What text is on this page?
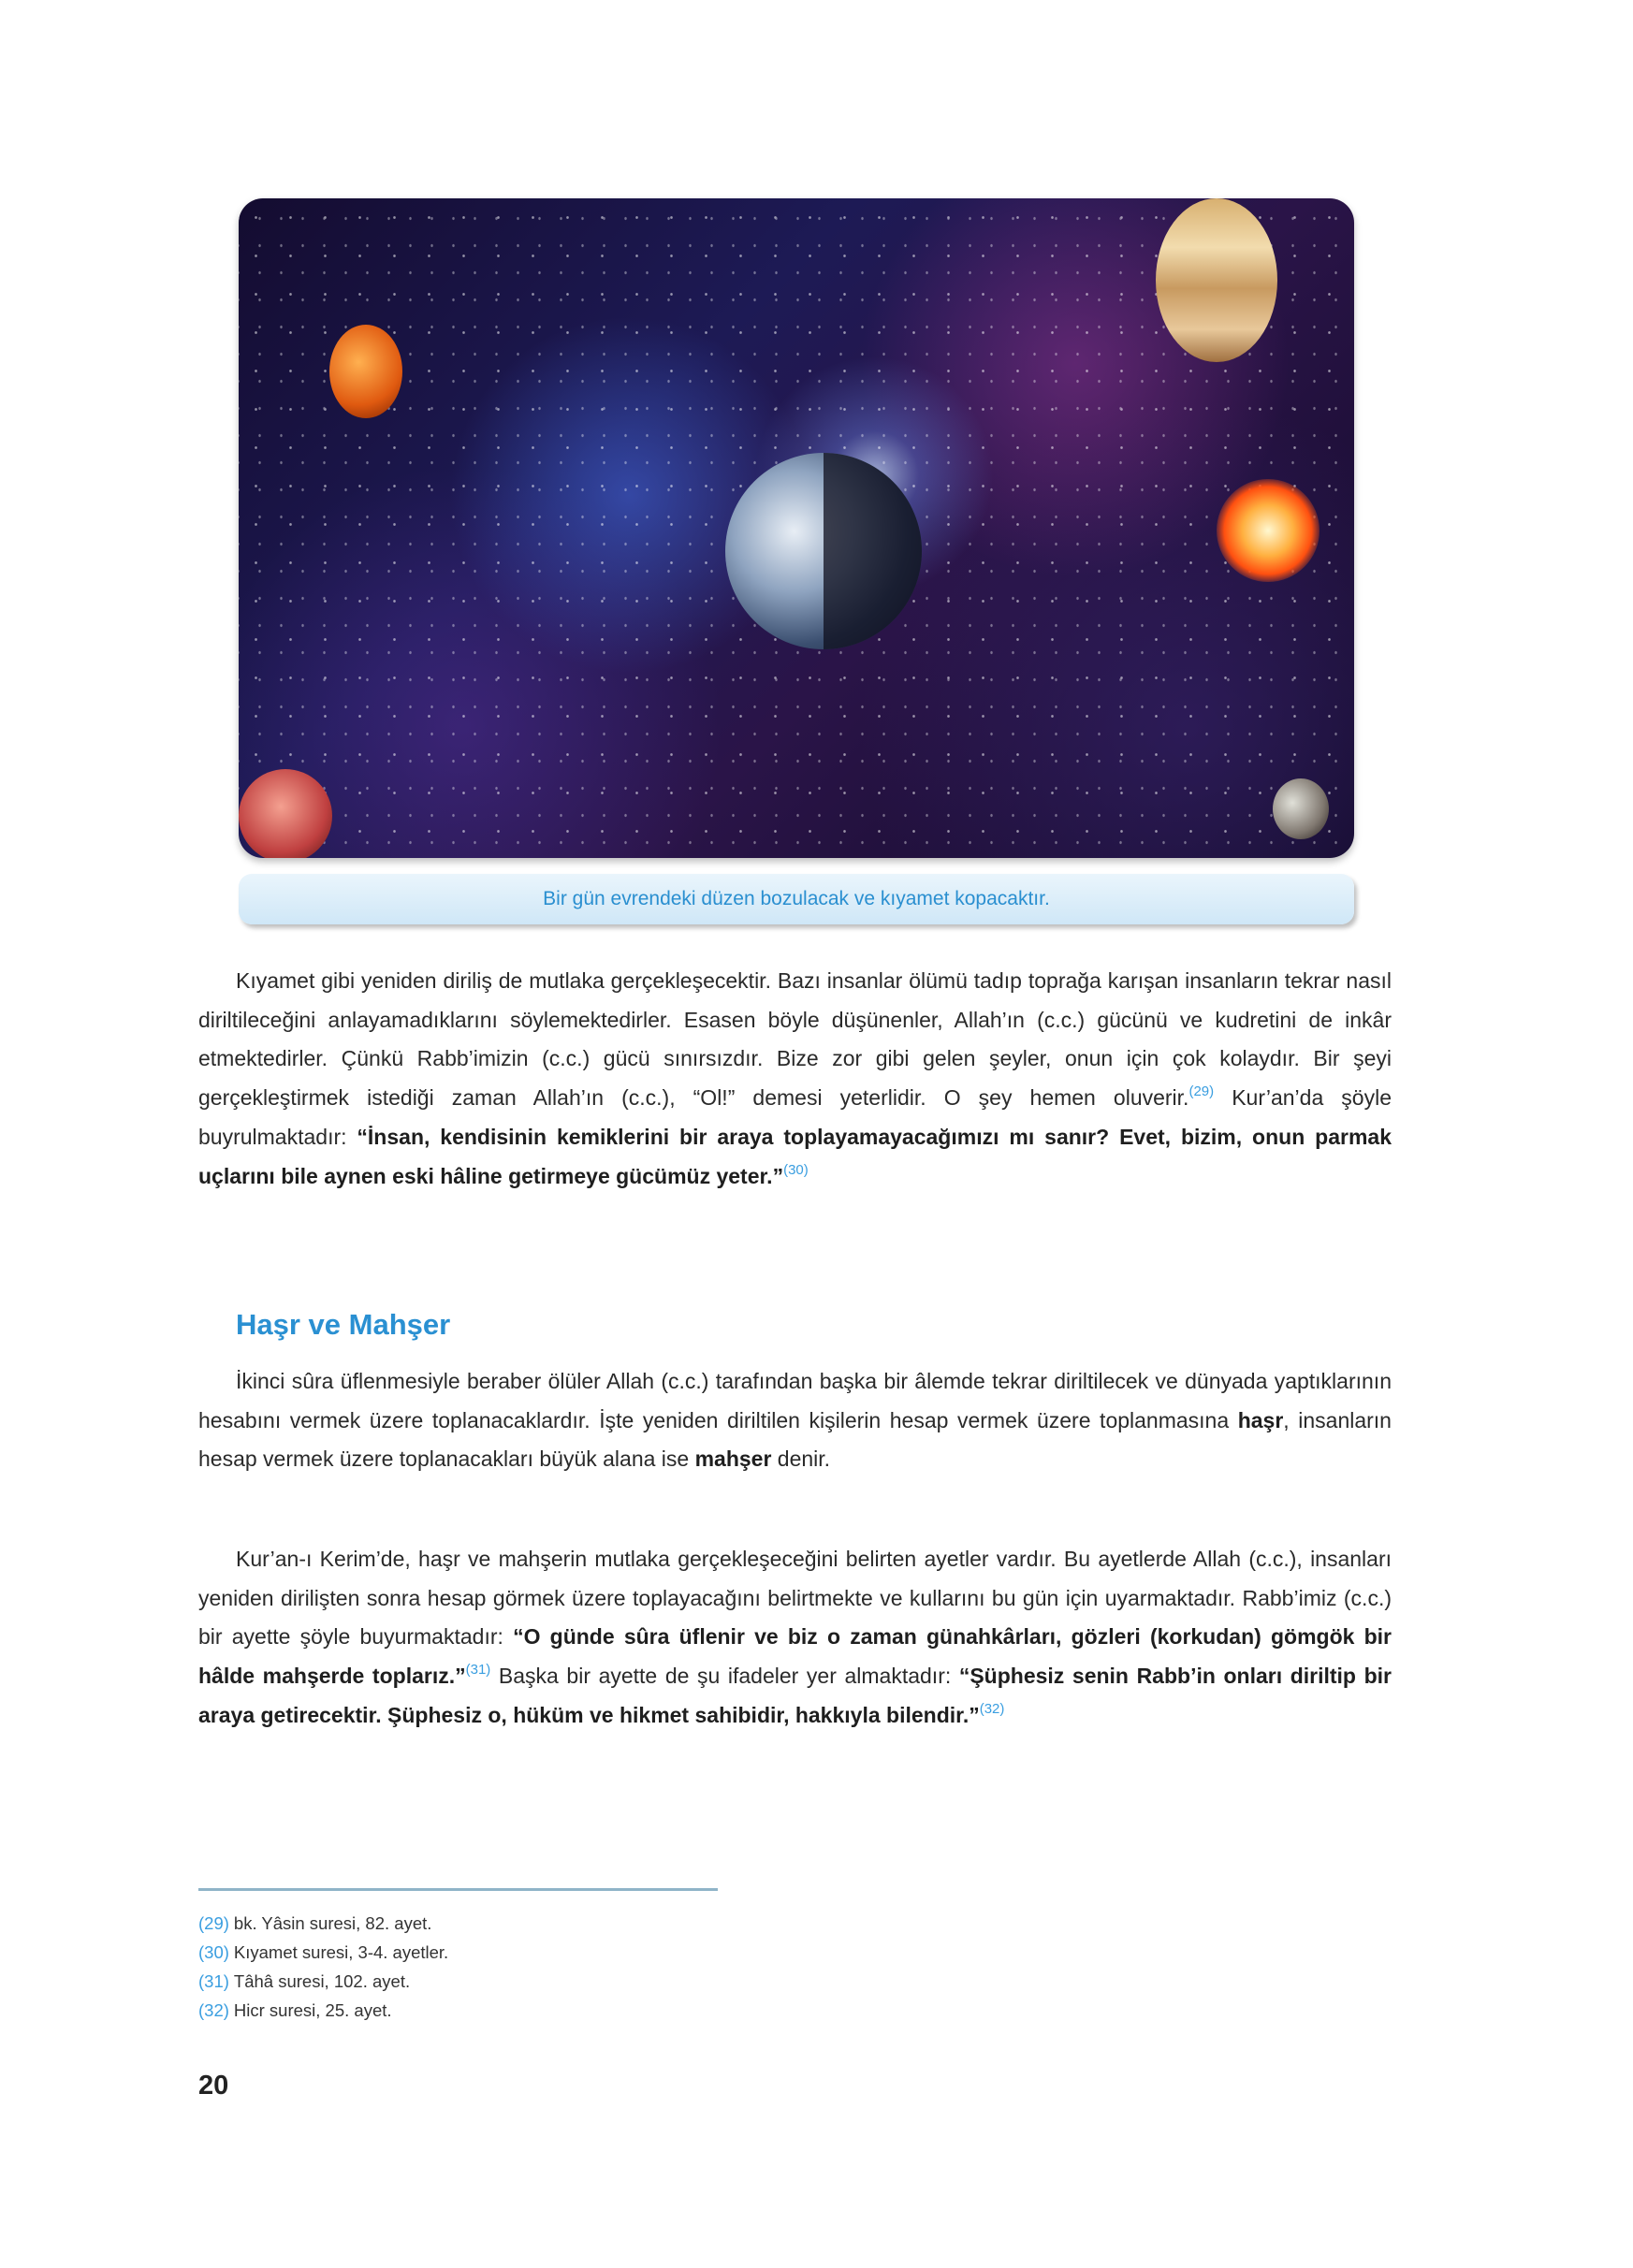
Bir gün evrendeki düzen bozulacak ve kıyamet kopacaktır.

Kıyamet gibi yeniden diriliş de mutlaka gerçekleşecektir. Bazı insanlar ölümü tadıp toprağa karışan insanların tekrar nasıl diriltileceğini anlayamadıklarını söylemektedirler. Esasen böyle düşünenler, Allah’ın (c.c.) gücünü ve kudretini de inkâr etmektedirler. Çünkü Rabb’imizin (c.c.) gücü sınırsızdır. Bize zor gibi gelen şeyler, onun için çok kolaydır. Bir şeyi gerçekleştirmek istediği zaman Allah’ın (c.c.), “Ol!” demesi yeterlidir. O şey hemen oluverir.$^{(29)}$ Kur’an’da şöyle buyrulmaktadır: “İnsan, kendisinin kemiklerini bir araya toplayamayacağımızı mı sanır? Evet, bizim, onun parmak uçlarını bile aynen eski hâline getirmeye gücümüz yeter.”$^{(30)}$

Haşr ve Mahşer

İkinci sûra üflenmesiyle beraber ölüler Allah (c.c.) tarafından başka bir âlemde tekrar diriltilecek ve dünyada yaptıklarının hesabını vermek üzere toplanacaklardır. İşte yeniden diriltilen kişilerin hesap vermek üzere toplanmasına haşr, insanların hesap vermek üzere toplanacakları büyük alana ise mahşer denir.

Kur’an-ı Kerim’de, haşr ve mahşerin mutlaka gerçekleşeceğini belirten ayetler vardır. Bu ayetlerde Allah (c.c.), insanları yeniden dirilişten sonra hesap görmek üzere toplayacağını belirtmekte ve kullarını bu gün için uyarmaktadır. Rabb’imiz (c.c.) bir ayette şöyle buyurmaktadır: “O günde sûra üflenir ve biz o zaman günahkârları, gözleri (korkudan) gömgök bir hâlde mahşerde toplarız.”$^{(31)}$ Başka bir ayette de şu ifadeler yer almaktadır: “Şüphesiz senin Rabb’in onları diriltip bir araya getirecektir. Şüphesiz o, hüküm ve hikmet sahibidir, hakkıyla bilendir.”$^{(32)}$

(29) bk. Yâsin suresi, 82. ayet.
(30) Kıyamet suresi, 3-4. ayetler.
(31) Tâhâ suresi, 102. ayet.
(32) Hicr suresi, 25. ayet.
20
